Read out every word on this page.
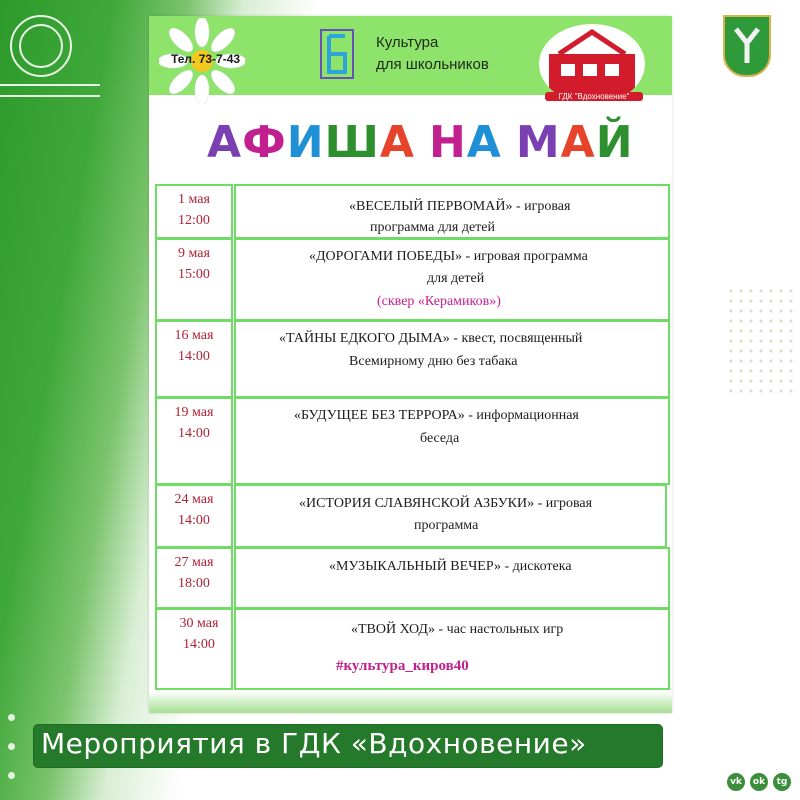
Тел. 73-7-43
Культура
для школьников
ГДК "Вдохновение"
АФИША НА МАЙ
1 мая
12:00
«ВЕСЕЛЫЙ ПЕРВОМАЙ» - игровая
программа для детей
9 мая
15:00
«ДОРОГАМИ ПОБЕДЫ» - игровая программа
для детей
(сквер «Керамиков»)
16 мая
14:00
«ТАЙНЫ ЕДКОГО ДЫМА» - квест, посвященный
Всемирному дню без табака
19 мая
14:00
«БУДУЩЕЕ БЕЗ ТЕРРОРА» - информационная
беседа
24 мая
14:00
«ИСТОРИЯ СЛАВЯНСКОЙ АЗБУКИ» - игровая
программа
27 мая
18:00
«МУЗЫКАЛЬНЫЙ ВЕЧЕР» - дискотека
30 мая
14:00
«ТВОЙ ХОД» - час настольных игр
#культура_киров40
Мероприятия в ГДК «Вдохновение»
vk	ok	tg
